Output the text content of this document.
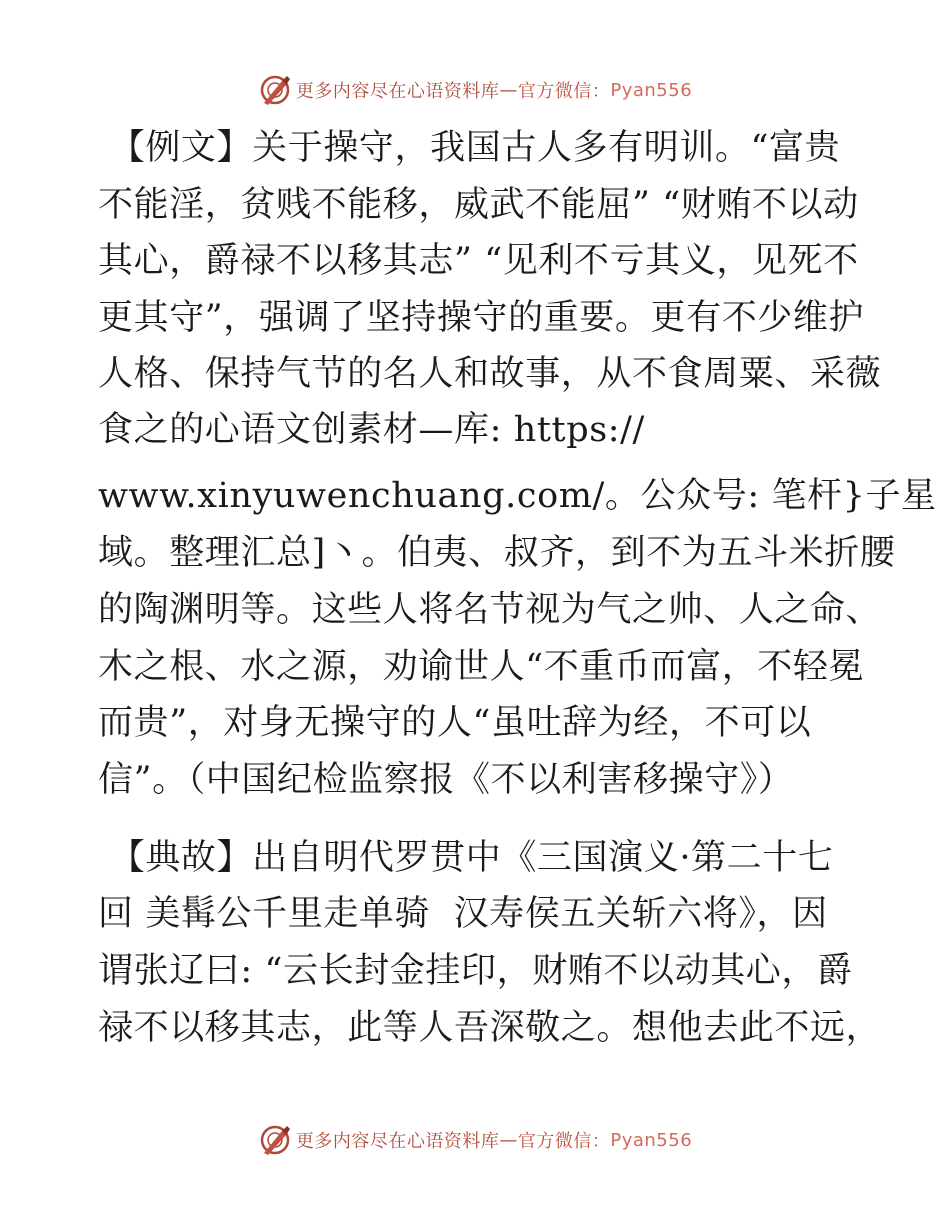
更多内容尽在心语资料库 — 官方微信： Pyan556
【例文】关于操守，我国古人多有明训。“富贵
不能淫，贫贱不能移，威武不能屈” “财贿不以动
其心，爵禄不以移其志” “见利不亏其义，见死不
更其守”，强调了坚持操守的重要。更有不少维护
人格、保持气节的名人和故事，从不食周粟、采薇
食之的心语文创素材—库: https://
www.xinyuwenchuang.com/。公众号: 笔杆}子星
域。整理汇总]丶。伯夷、叔齐，到不为五斗米折腰
的陶渊明等。这些人将名节视为气之帅、人之命、
木之根、水之源，劝谕世人“不重币而富，不轻冕
而贵”，对身无操守的人“虽吐辞为经，不可以
信”。（中国纪检监察报《不以利害移操守》）
【典故】出自明代罗贯中《三国演义·第二十七
回 美髯公千里走单骑  汉寿侯五关斩六将》，因
谓张辽曰: “云长封金挂印，财贿不以动其心，爵
禄不以移其志，此等人吾深敬之。想他去此不远，
更多内容尽在心语资料库 — 官方微信： Pyan556
